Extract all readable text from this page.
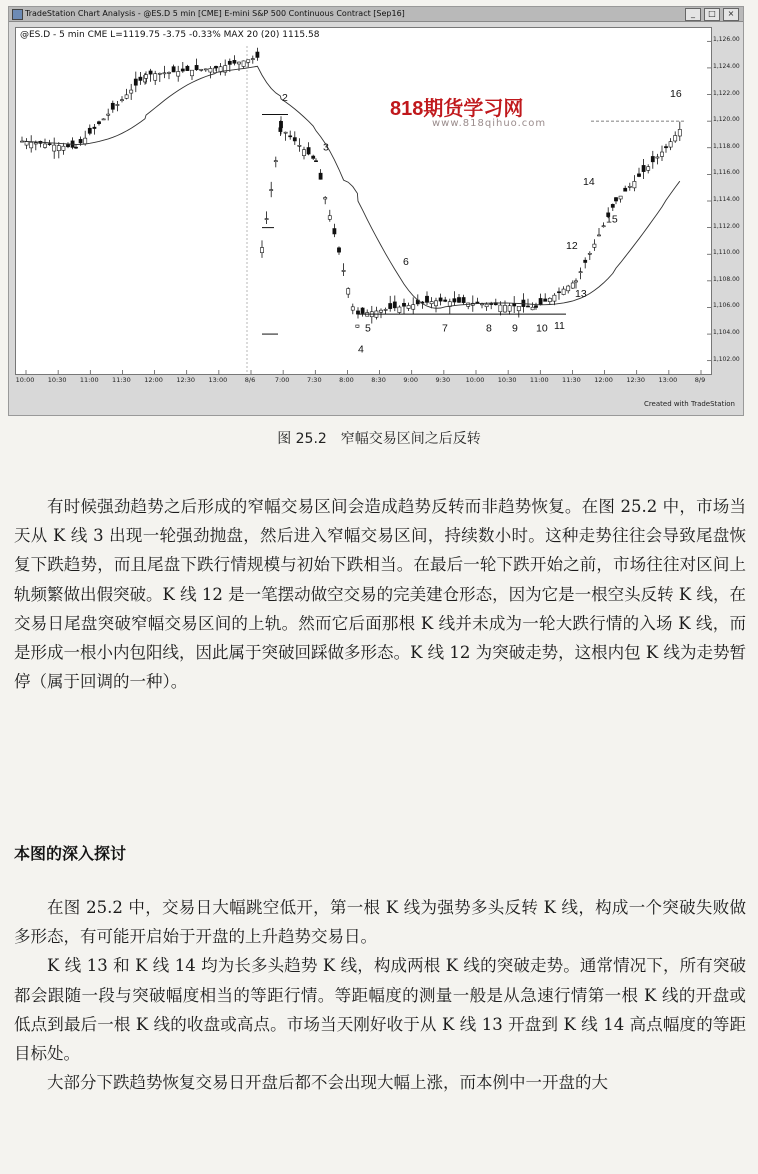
TradeStation Chart Analysis - @ES.D 5 min [CME] E-mini S&P 500 Continuous Contract [Sep16]	_	□	×
@ES.D - 5 min CME L=1119.75 -3.75 -0.33% MAX 20 (20) 1115.58
2
3
4
5
6
7	8 9 10 11
12
13
14
15
16
1,126.00
1,124.00
1,122.00
1,120.00
1,118.00
1,116.00
1,114.00
1,112.00
1,110.00
1,108.00
1,106.00
1,104.00
1,102.00
10:00 10:30 11:00 11:30 12:00 12:30 13:00	8/6	7:00	7:30	8:00	8:30	9:00	9:30 10:00 10:30 11:00 11:30 12:00 12:30 13:00	8/9
Created with TradeStation
818期货学习网
www.818qihuo.com
图 25.2　窄幅交易区间之后反转

有时候强劲趋势之后形成的窄幅交易区间会造成趋势反转而非趋势恢复。在图 25.2 中，市场当天从 K 线 3 出现一轮强劲抛盘，然后进入窄幅交易区间，持续数小时。这种走势往往会导致尾盘恢复下跌趋势，而且尾盘下跌行情规模与初始下跌相当。在最后一轮下跌开始之前，市场往往对区间上轨频繁做出假突破。K 线 12 是一笔摆动做空交易的完美建仓形态，因为它是一根空头反转 K 线，在交易日尾盘突破窄幅交易区间的上轨。然而它后面那根 K 线并未成为一轮大跌行情的入场 K 线，而是形成一根小内包阳线，因此属于突破回踩做多形态。K 线 12 为突破走势，这根内包 K 线为走势暂停（属于回调的一种）。

本图的深入探讨

在图 25.2 中，交易日大幅跳空低开，第一根 K 线为强势多头反转 K 线，构成一个突破失败做多形态，有可能开启始于开盘的上升趋势交易日。

K 线 13 和 K 线 14 均为长多头趋势 K 线，构成两根 K 线的突破走势。通常情况下，所有突破都会跟随一段与突破幅度相当的等距行情。等距幅度的测量一般是从急速行情第一根 K 线的开盘或低点到最后一根 K 线的收盘或高点。市场当天刚好收于从 K 线 13 开盘到 K 线 14 高点幅度的等距目标处。

大部分下跌趋势恢复交易日开盘后都不会出现大幅上涨，而本例中一开盘的大
